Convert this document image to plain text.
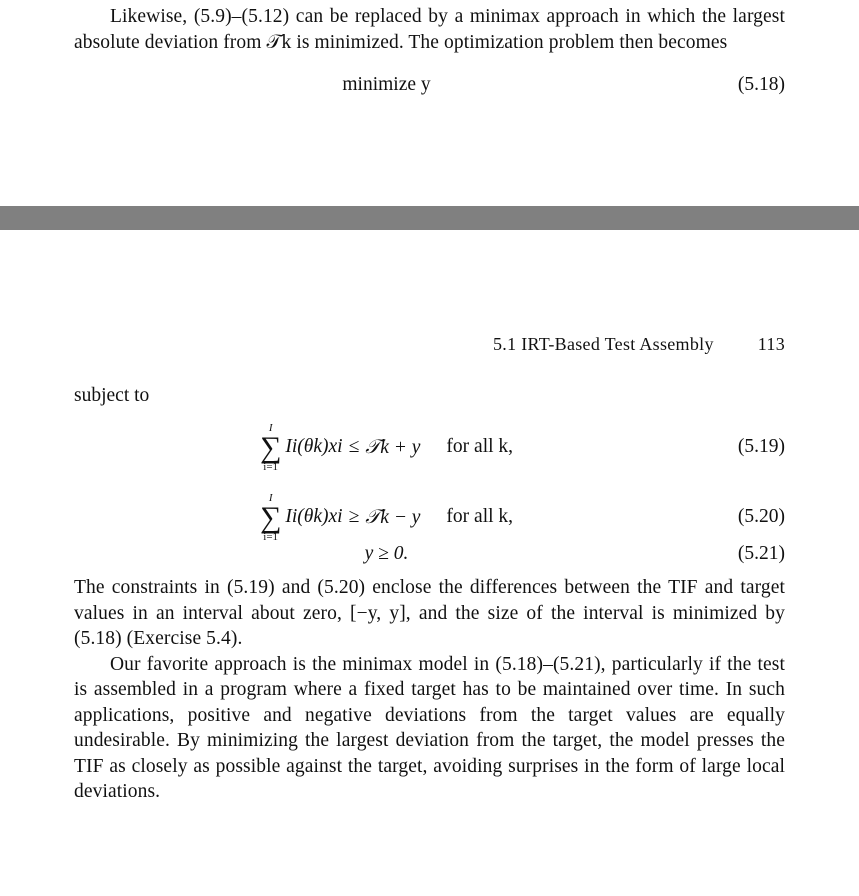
Likewise, (5.9)–(5.12) can be replaced by a minimax approach in which the largest absolute deviation from 𝒯k is minimized. The optimization problem then becomes

minimize y	(5.18)
5.1 IRT-Based Test Assembly 113
subject to
I
∑
i=1
Ii(θk)xi ≤ 𝒯k + y for all k,	(5.19)
I
∑
i=1
Ii(θk)xi ≥ 𝒯k − y for all k,	(5.20)
y ≥ 0.	(5.21)

The constraints in (5.19) and (5.20) enclose the differences between the TIF and target values in an interval about zero, [−y, y], and the size of the interval is minimized by (5.18) (Exercise 5.4).

Our favorite approach is the minimax model in (5.18)–(5.21), particularly if the test is assembled in a program where a fixed target has to be maintained over time. In such applications, positive and negative deviations from the target values are equally undesirable. By minimizing the largest deviation from the target, the model presses the TIF as closely as possible against the target, avoiding surprises in the form of large local deviations.
